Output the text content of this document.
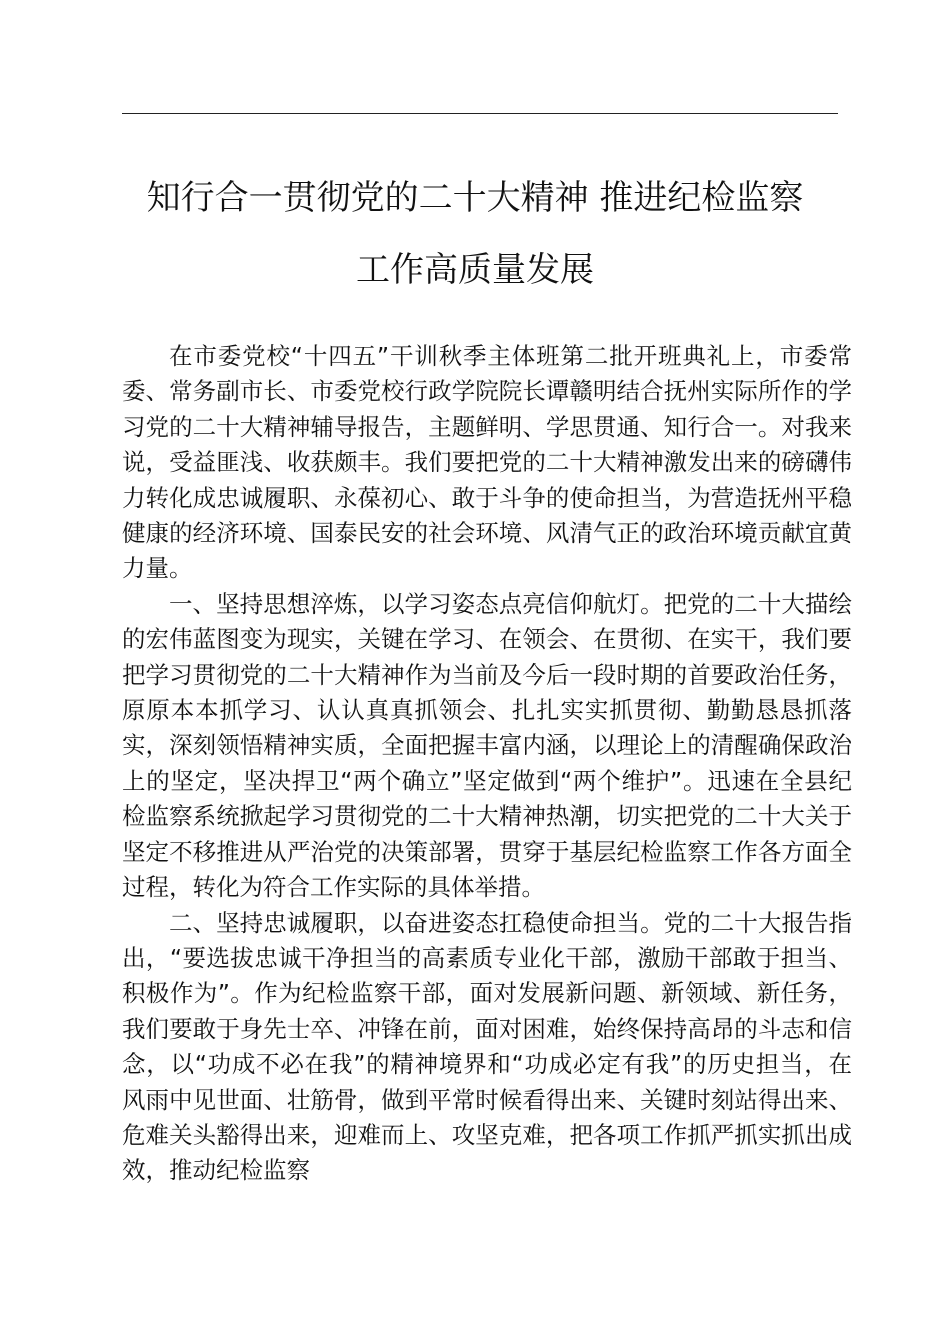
知行合一贯彻党的二十大精神 推进纪检监察
工作高质量发展

在市委党校“十四五”干训秋季主体班第二批开班典礼上，市委常委、常务副市长、市委党校行政学院院长谭赣明结合抚州实际所作的学习党的二十大精神辅导报告，主题鲜明、学思贯通、知行合一。对我来说，受益匪浅、收获颇丰。我们要把党的二十大精神激发出来的磅礴伟力转化成忠诚履职、永葆初心、敢于斗争的使命担当，为营造抚州平稳健康的经济环境、国泰民安的社会环境、风清气正的政治环境贡献宜黄力量。

一、坚持思想淬炼，以学习姿态点亮信仰航灯。把党的二十大描绘的宏伟蓝图变为现实，关键在学习、在领会、在贯彻、在实干，我们要把学习贯彻党的二十大精神作为当前及今后一段时期的首要政治任务，原原本本抓学习、认认真真抓领会、扎扎实实抓贯彻、勤勤恳恳抓落实，深刻领悟精神实质，全面把握丰富内涵，以理论上的清醒确保政治上的坚定，坚决捍卫“两个确立”坚定做到“两个维护”。迅速在全县纪检监察系统掀起学习贯彻党的二十大精神热潮，切实把党的二十大关于坚定不移推进从严治党的决策部署，贯穿于基层纪检监察工作各方面全过程，转化为符合工作实际的具体举措。

二、坚持忠诚履职，以奋进姿态扛稳使命担当。党的二十大报告指出，“要选拔忠诚干净担当的高素质专业化干部，激励干部敢于担当、积极作为”。作为纪检监察干部，面对发展新问题、新领域、新任务，我们要敢于身先士卒、冲锋在前，面对困难，始终保持高昂的斗志和信念，以“功成不必在我”的精神境界和“功成必定有我”的历史担当，在风雨中见世面、壮筋骨，做到平常时候看得出来、关键时刻站得出来、危难关头豁得出来，迎难而上、攻坚克难，把各项工作抓严抓实抓出成效，推动纪检监察
